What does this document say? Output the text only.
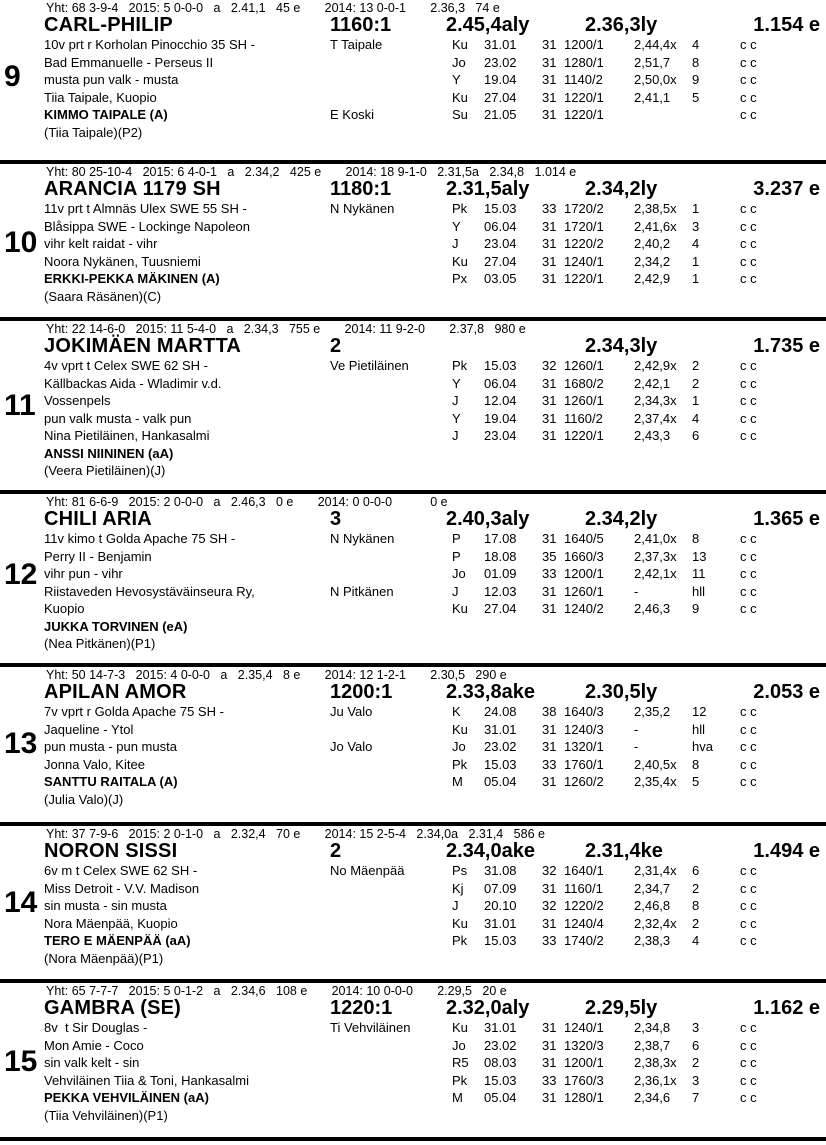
Yht: 68 3-9-4   2015: 5 0-0-0   a   2.41,1   45 e       2014: 13 0-0-1       2.36,3   74 e
CARL-PHILIP	1160:1	2.45,4aly	2.36,3ly	1.154 e
9
10v prt r Korholan Pinocchio 35 SH -
Bad Emmanuelle - Perseus II
musta pun valk - musta
Tiia Taipale, Kuopio
KIMMO TAIPALE (A)
(Tiia Taipale)(P2)
T Taipale
E Koski
Ku 31.01 31 1200/1 2,44,4x 4	c c
Jo 23.02 31 1280/1 2,51,7 8	c c
Y 19.04 31 1140/2 2,50,0x 9	c c
Ku 27.04 31 1220/1 2,41,1 5	c c
Su 21.05 31 1220/1	c c
Yht: 80 25-10-4   2015: 6 4-0-1   a   2.34,2   425 e       2014: 18 9-1-0   2.31,5a   2.34,8   1.014 e
ARANCIA 1179 SH	1180:1	2.31,5aly	2.34,2ly	3.237 e
10
11v prt t Almnäs Ulex SWE 55 SH -
Blåsippa SWE - Lockinge Napoleon
vihr kelt raidat - vihr
Noora Nykänen, Tuusniemi
ERKKI-PEKKA MÄKINEN (A)
(Saara Räsänen)(C)
N Nykänen	Pk 15.03 33 1720/2 2,38,5x 1	c c
Y 06.04 31 1720/1 2,41,6x 3	c c
J 23.04 31 1220/2 2,40,2 4	c c
Ku 27.04 31 1240/1 2,34,2 1	c c
Px 03.05 31 1220/1 2,42,9 1	c c
Yht: 22 14-6-0   2015: 11 5-4-0   a   2.34,3   755 e       2014: 11 9-2-0       2.37,8   980 e
JOKIMÄEN MARTTA	2	2.34,3ly	1.735 e
11
4v vprt t Celex SWE 62 SH -
Källbackas Aida - Wladimir v.d.
Vossenpels
pun valk musta - valk pun
Nina Pietiläinen, Hankasalmi
ANSSI NIININEN (aA)
(Veera Pietiläinen)(J)
Ve Pietiläinen	Pk 15.03 32 1260/1 2,42,9x 2	c c
Y 06.04 31 1680/2 2,42,1 2	c c
J 12.04 31 1260/1 2,34,3x 1	c c
Y 19.04 31 1160/2 2,37,4x 4	c c
J 23.04 31 1220/1 2,43,3 6	c c
Yht: 81 6-6-9   2015: 2 0-0-0   a   2.46,3   0 e       2014: 0 0-0-0           0 e
CHILI ARIA	3	2.40,3aly	2.34,2ly	1.365 e
12
11v kimo t Golda Apache 75 SH -
Perry II - Benjamin
vihr pun - vihr
Riistaveden Hevosystäväinseura Ry,
Kuopio
JUKKA TORVINEN (eA)
(Nea Pitkänen)(P1)
N Nykänen
N Pitkänen
P 17.08 31 1640/5 2,41,0x 8	c c
P 18.08 35 1660/3 2,37,3x 13	c c
Jo 01.09 33 1200/1 2,42,1x 11	c c
J 12.03 31 1260/1 -	hll	c c
Ku 27.04 31 1240/2 2,46,3 9	c c
Yht: 50 14-7-3   2015: 4 0-0-0   a   2.35,4   8 e       2014: 12 1-2-1       2.30,5   290 e
APILAN AMOR	1200:1	2.33,8ake	2.30,5ly	2.053 e
13
7v vprt r Golda Apache 75 SH -
Jaqueline - Ytol
pun musta - pun musta
Jonna Valo, Kitee
SANTTU RAITALA (A)
(Julia Valo)(J)
Ju Valo
Jo Valo
K 24.08 38 1640/3 2,35,2 12	c c
Ku 31.01 31 1240/3 -	hll	c c
Jo 23.02 31 1320/1 -	hva c c
Pk 15.03 33 1760/1 2,40,5x 8	c c
M 05.04 31 1260/2 2,35,4x 5	c c
Yht: 37 7-9-6   2015: 2 0-1-0   a   2.32,4   70 e       2014: 15 2-5-4   2.34,0a   2.31,4   586 e
NORON SISSI	2	2.34,0ake	2.31,4ke	1.494 e
14
6v m t Celex SWE 62 SH -
Miss Detroit - V.V. Madison
sin musta - sin musta
Nora Mäenpää, Kuopio
TERO E MÄENPÄÄ (aA)
(Nora Mäenpää)(P1)
No Mäenpää	Ps 31.08 32 1640/1 2,31,4x 6	c c
Kj 07.09 31 1160/1 2,34,7 2	c c
J 20.10 32 1220/2 2,46,8 8	c c
Ku 31.01 31 1240/4 2,32,4x 2	c c
Pk 15.03 33 1740/2 2,38,3 4	c c
Yht: 65 7-7-7   2015: 5 0-1-2   a   2.34,6   108 e       2014: 10 0-0-0       2.29,5   20 e
GAMBRA (SE)	1220:1	2.32,0aly	2.29,5ly	1.162 e
15
8v  t Sir Douglas -
Mon Amie - Coco
sin valk kelt - sin
Vehviläinen Tiia & Toni, Hankasalmi
PEKKA VEHVILÄINEN (aA)
(Tiia Vehviläinen)(P1)
Ti Vehviläinen	Ku 31.01 31 1240/1 2,34,8 3	c c
Jo 23.02 31 1320/3 2,38,7 6	c c
R5 08.03 31 1200/1 2,38,3x 2	c c
Pk 15.03 33 1760/3 2,36,1x 3	c c
M 05.04 31 1280/1 2,34,6 7	c c
